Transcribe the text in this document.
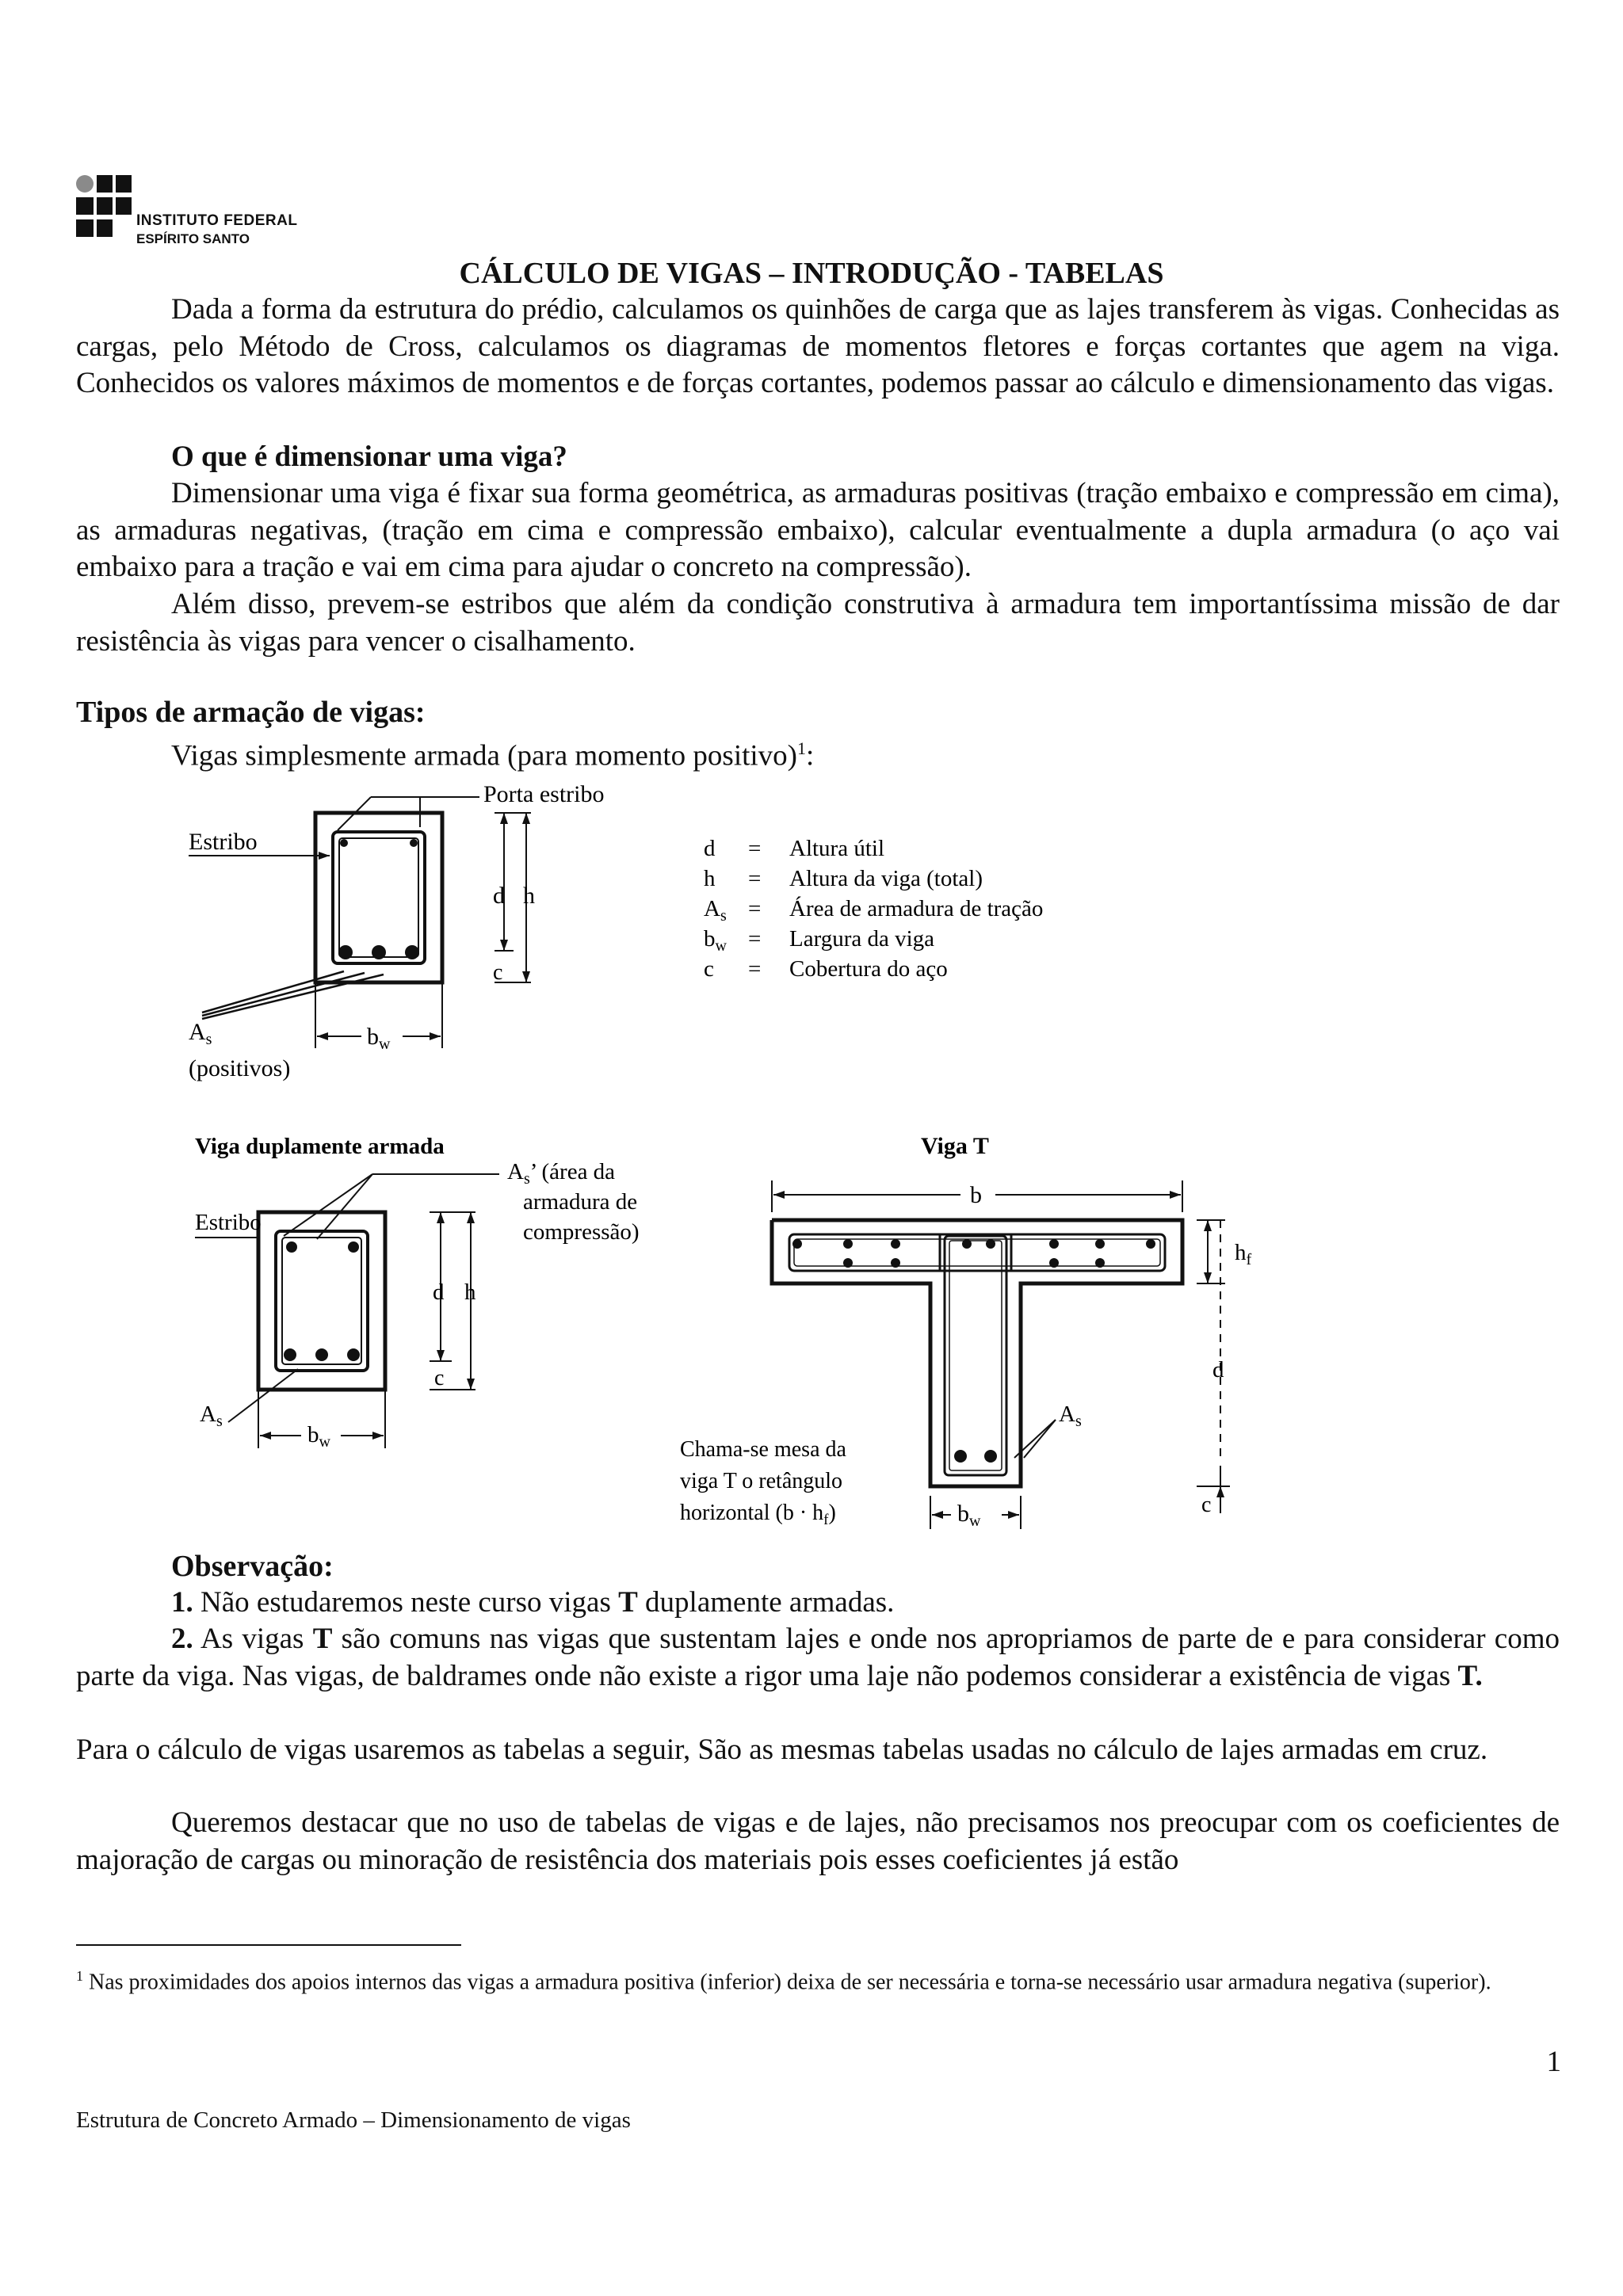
INSTITUTO FEDERAL
ESPÍRITO SANTO
CÁLCULO DE VIGAS – INTRODUÇÃO - TABELAS
Dada a forma da estrutura do prédio, calculamos os quinhões de carga que as lajes transferem às vigas. Conhecidas as cargas, pelo Método de Cross, calculamos os diagramas de momentos fletores e forças cortantes que agem na viga. Conhecidos os valores máximos de momentos e de forças cortantes, podemos passar ao cálculo e dimensionamento das vigas.
O que é dimensionar uma viga?
Dimensionar uma viga é fixar sua forma geométrica, as armaduras positivas (tração embaixo e compressão em cima), as armaduras negativas, (tração em cima e compressão embaixo), calcular eventualmente a dupla armadura (o aço vai embaixo para a tração e vai em cima para ajudar o concreto na compressão).
Além disso, prevem-se estribos que além da condição construtiva à armadura tem importantíssima missão de dar resistência às vigas para vencer o cisalhamento.
Tipos de armação de vigas:
Vigas simplesmente armada (para momento positivo)$^1$:
Porta estribo
Estribo
d h
c
$b_w$
$A_s$
(positivos)
d = Altura útil
h = Altura da viga (total)
$A_s$ = Área de armadura de tração
$b_w$ = Largura da viga
c = Cobertura do aço
Viga duplamente armada
Estribo
$A_s$’ (área da
armadura de
compressão)
d h
c
$A_s$
$b_w$
Viga T
b
$h_f$
d
c
$A_s$
Chama-se mesa da
viga T o retângulo
horizontal $(b \cdot h_f)$	$b_w$
Observação:
1. Não estudaremos neste curso vigas T duplamente armadas.
2. As vigas T são comuns nas vigas que sustentam lajes e onde nos apropriamos de parte de e para considerar como parte da viga. Nas vigas, de baldrames onde não existe a rigor uma laje não podemos considerar a existência de vigas T.
Para o cálculo de vigas usaremos as tabelas a seguir, São as mesmas tabelas usadas no cálculo de lajes armadas em cruz.
Queremos destacar que no uso de tabelas de vigas e de lajes, não precisamos nos preocupar com os coeficientes de majoração de cargas ou minoração de resistência dos materiais pois esses coeficientes já estão
$^1$ Nas proximidades dos apoios internos das vigas a armadura positiva (inferior) deixa de ser necessária e torna-se necessário usar armadura negativa (superior).
1
Estrutura de Concreto Armado – Dimensionamento de vigas
